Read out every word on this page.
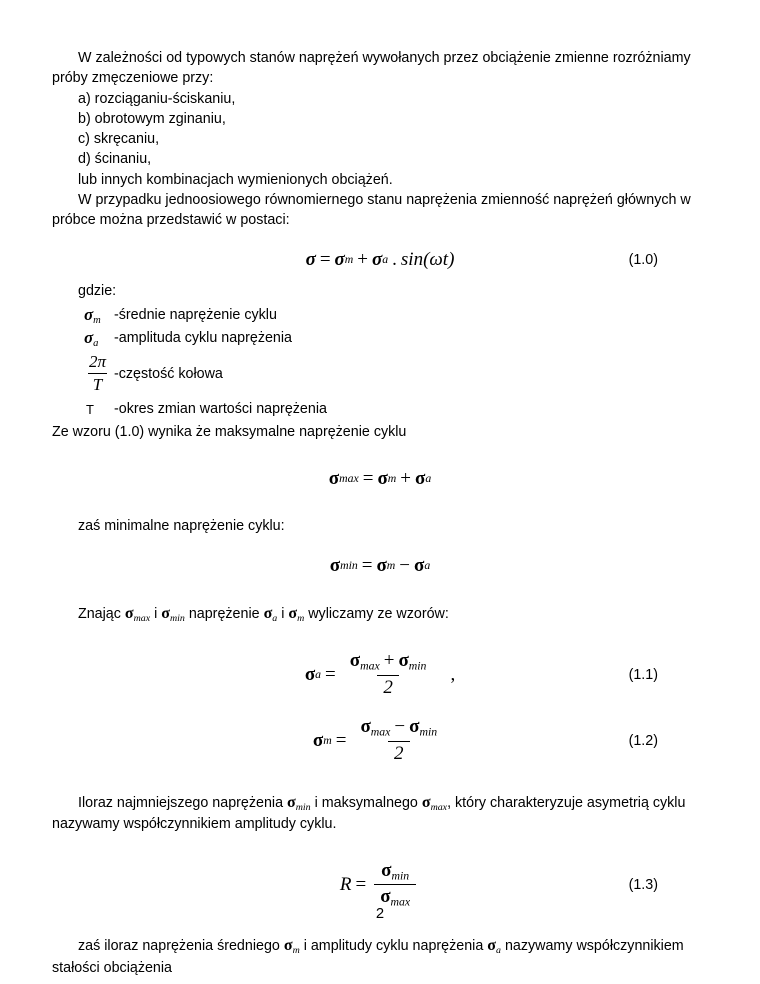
W zależności od typowych stanów naprężeń wywołanych przez obciążenie zmienne rozróżniamy próby zmęczeniowe przy:

a) rozciąganiu-ściskaniu,

b) obrotowym zginaniu,

c) skręcaniu,

d) ścinaniu,

lub innych kombinacjach wymienionych obciążeń.

W przypadku jednoosiowego równomiernego stanu naprężenia zmienność naprężeń głównych w próbce można przedstawić w postaci:

σ = σ m + σ a . sin( ωt )	(1.0)
gdzie:
$\sigma_m$ -średnie naprężenie cyklu
$\sigma_a$	-amplituda cyklu naprężenia
$\frac{2\pi}{T}$ -częstość kołowa
T	-okres zmian wartości naprężenia
Ze wzoru (1.0) wynika że maksymalne naprężenie cyklu
σ max = σ m + σ a
zaś minimalne naprężenie cyklu:
σ min = σ m − σ a
Znając $\sigma_{max}$ i $\sigma_{min}$ naprężenie $\sigma_a$ i $\sigma_m$ wyliczamy ze wzorów:
σ $a = \frac{\sigma_{max} + \sigma_{min}}{2}$ ,	(1.1)
σ $m = \frac{\sigma_{max} - \sigma_{min}}{2}$	(1.2)
Iloraz najmniejszego naprężenia $\sigma_{min}$ i maksymalnego $\sigma_{max}$, który charakteryzuje asymetrią cyklu nazywamy współczynnikiem amplitudy cyklu.
$R = \frac{\sigma_{min}}{\sigma_{max}}$	(1.3)
zaś iloraz naprężenia średniego $\sigma_m$ i amplitudy cyklu naprężenia $\sigma_a$ nazywamy współczynnikiem stałości obciążenia
2
